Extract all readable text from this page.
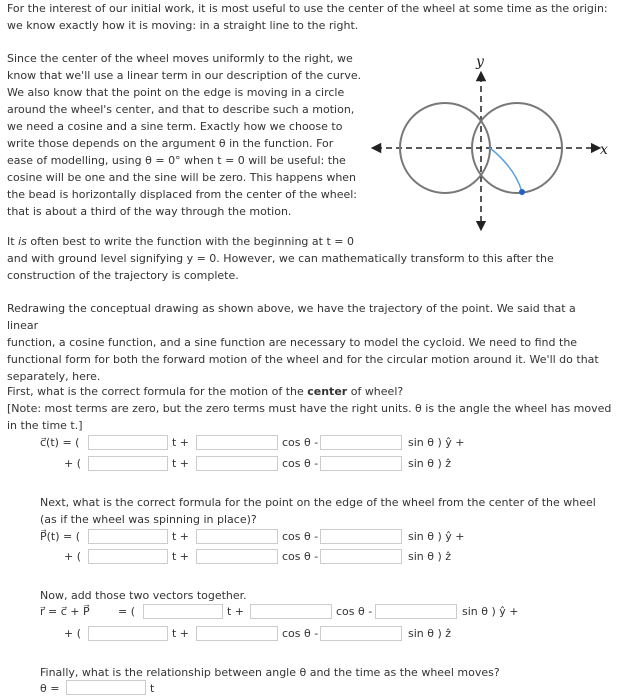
For the interest of our initial work, it is most useful to use the center of the wheel at some time as the origin:
we know exactly how it is moving: in a straight line to the right.
Since the center of the wheel moves uniformly to the right, we
know that we'll use a linear term in our description of the curve.
We also know that the point on the edge is moving in a circle
around the wheel's center, and that to describe such a motion,
we need a cosine and a sine term. Exactly how we choose to
write those depends on the argument θ in the function. For
ease of modelling, using θ = 0° when t = 0 will be useful: the
cosine will be one and the sine will be zero. This happens when
the bead is horizontally displaced from the center of the wheel:
that is about a third of the way through the motion.
y
x
It is often best to write the function with the beginning at t = 0
and with ground level signifying y = 0. However, we can mathematically transform to this after the
construction of the trajectory is complete.
Redrawing the conceptual drawing as shown above, we have the trajectory of the point. We said that a linear
function, a cosine function, and a sine function are necessary to model the cycloid. We need to find the
functional form for both the forward motion of the wheel and for the circular motion around it. We'll do that
separately, here.
First, what is the correct formula for the motion of the center of wheel?
[Note: most terms are zero, but the zero terms must have the right units. θ is the angle the wheel has moved
in the time t.]
c⃗(t) = (	t +	cos θ -	sin θ ) ŷ +
+ (	t +	cos θ -	sin θ ) ẑ
Next, what is the correct formula for the point on the edge of the wheel from the center of the wheel
(as if the wheel was spinning in place)?
P⃗(t) = (	t +	cos θ -	sin θ ) ŷ +
+ (	t +	cos θ -	sin θ ) ẑ
Now, add those two vectors together.
r⃗ = c⃗ + P⃗	= (	t +	cos θ -	sin θ ) ŷ +
+ (	t +	cos θ -	sin θ ) ẑ
Finally, what is the relationship between angle θ and the time as the wheel moves?
θ =	t
